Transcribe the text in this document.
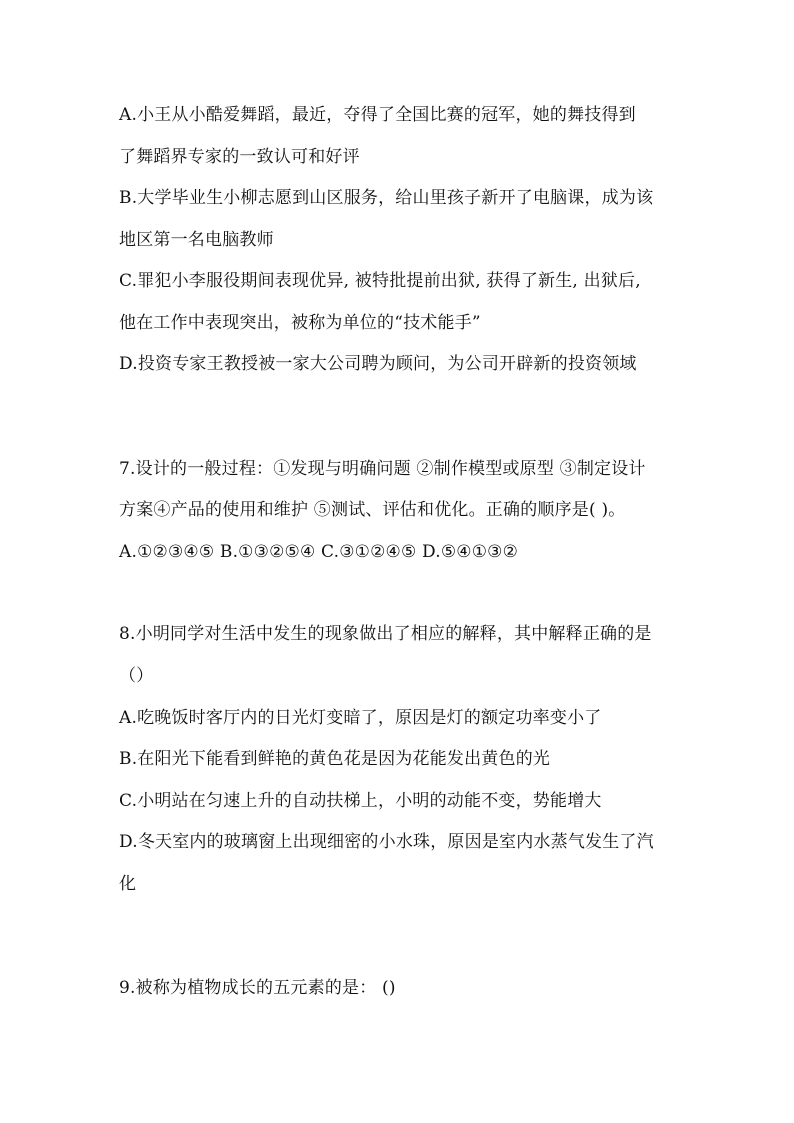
A.小王从小酷爱舞蹈，最近，夺得了全国比赛的冠军，她的舞技得到
了舞蹈界专家的一致认可和好评
B.大学毕业生小柳志愿到山区服务，给山里孩子新开了电脑课，成为该
地区第一名电脑教师
C.罪犯小李服役期间表现优异, 被特批提前出狱, 获得了新生, 出狱后,
他在工作中表现突出，被称为单位的“技术能手”
D.投资专家王教授被一家大公司聘为顾问，为公司开辟新的投资领域
7.设计的一般过程：①发现与明确问题 ②制作模型或原型 ③制定设计
方案④产品的使用和维护 ⑤测试、评估和优化。正确的顺序是( )。
A.①②③④⑤ B.①③②⑤④ C.③①②④⑤ D.⑤④①③②
8.小明同学对生活中发生的现象做出了相应的解释，其中解释正确的是
（）
A.吃晚饭时客厅内的日光灯变暗了，原因是灯的额定功率变小了
B.在阳光下能看到鲜艳的黄色花是因为花能发出黄色的光
C.小明站在匀速上升的自动扶梯上，小明的动能不变，势能增大
D.冬天室内的玻璃窗上出现细密的小水珠，原因是室内水蒸气发生了汽
化
9.被称为植物成长的五元素的是： ()
